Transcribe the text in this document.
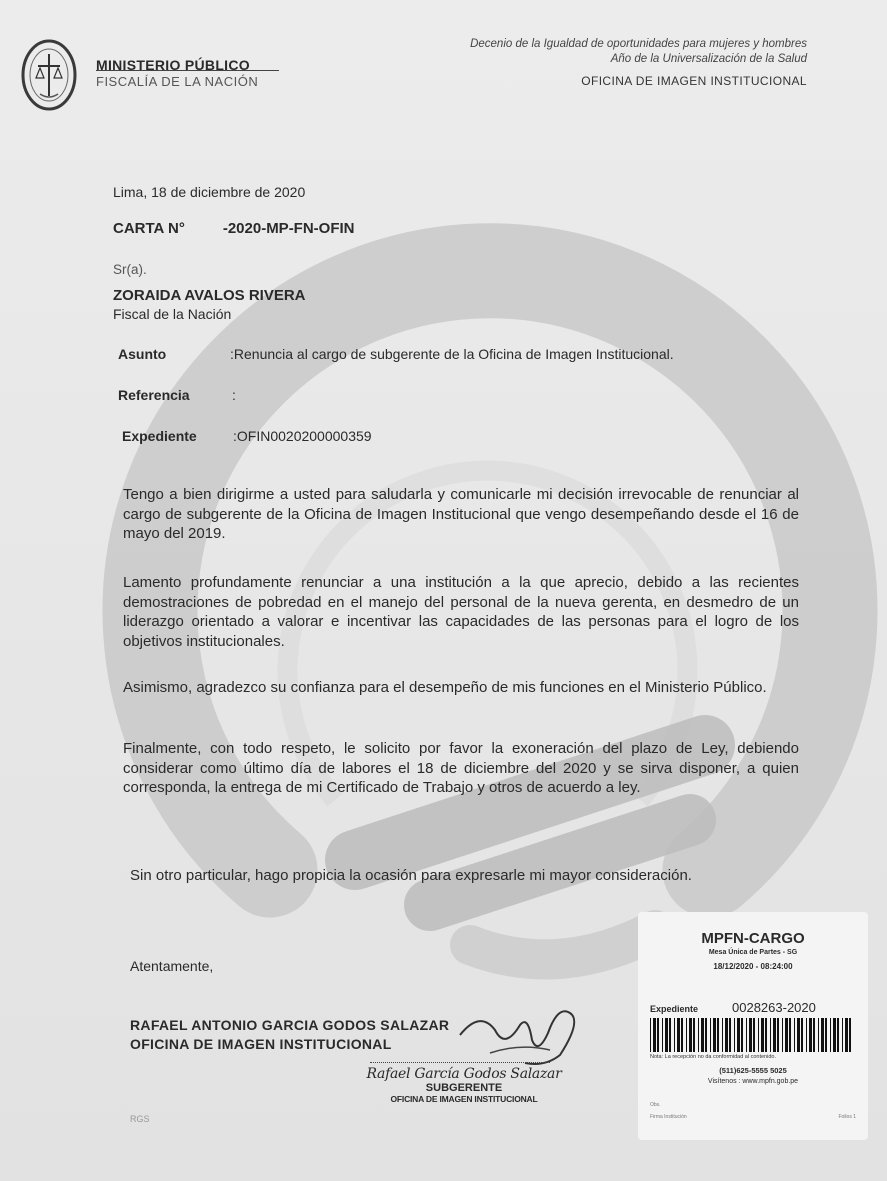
MINISTERIO PÚBLICO
FISCALÍA DE LA NACIÓN
Decenio de la Igualdad de oportunidades para mujeres y hombres
Año de la Universalización de la Salud
OFICINA DE IMAGEN INSTITUCIONAL
Lima, 18 de diciembre de 2020
CARTA N°	-2020-MP-FN-OFIN
Sr(a).
ZORAIDA AVALOS RIVERA
Fiscal de la Nación
Asunto	:Renuncia al cargo de subgerente de la Oficina de Imagen Institucional.
Referencia	:
Expediente	:OFIN0020200000359
Tengo a bien dirigirme a usted para saludarla y comunicarle mi decisión irrevocable de renunciar al cargo de subgerente de la Oficina de Imagen Institucional que vengo desempeñando desde el 16 de mayo del 2019.
Lamento profundamente renunciar a una institución a la que aprecio, debido a las recientes demostraciones de pobredad en el manejo del personal de la nueva gerenta, en desmedro de un liderazgo orientado a valorar e incentivar las capacidades de las personas para el logro de los objetivos institucionales.
Asimismo, agradezco su confianza para el desempeño de mis funciones en el Ministerio Público.
Finalmente, con todo respeto, le solicito por favor la exoneración del plazo de Ley, debiendo considerar como último día de labores el 18 de diciembre del 2020 y se sirva disponer, a quien corresponda, la entrega de mi Certificado de Trabajo y otros de acuerdo a ley.
Sin otro particular, hago propicia la ocasión para expresarle mi mayor consideración.
Atentamente,
RAFAEL ANTONIO GARCIA GODOS SALAZAR
OFICINA DE IMAGEN INSTITUCIONAL
Rafael García Godos Salazar
SUBGERENTE
OFICINA DE IMAGEN INSTITUCIONAL
RGS
MPFN-CARGO
Mesa Única de Partes - SG
18/12/2020 - 08:24:00
Expediente	0028263-2020
Nota: La recepción no da conformidad al contenido.
(511)625-5555 5025
Visítenos : www.mpfn.gob.pe
Obs.
Firma Institución	Folios 1
